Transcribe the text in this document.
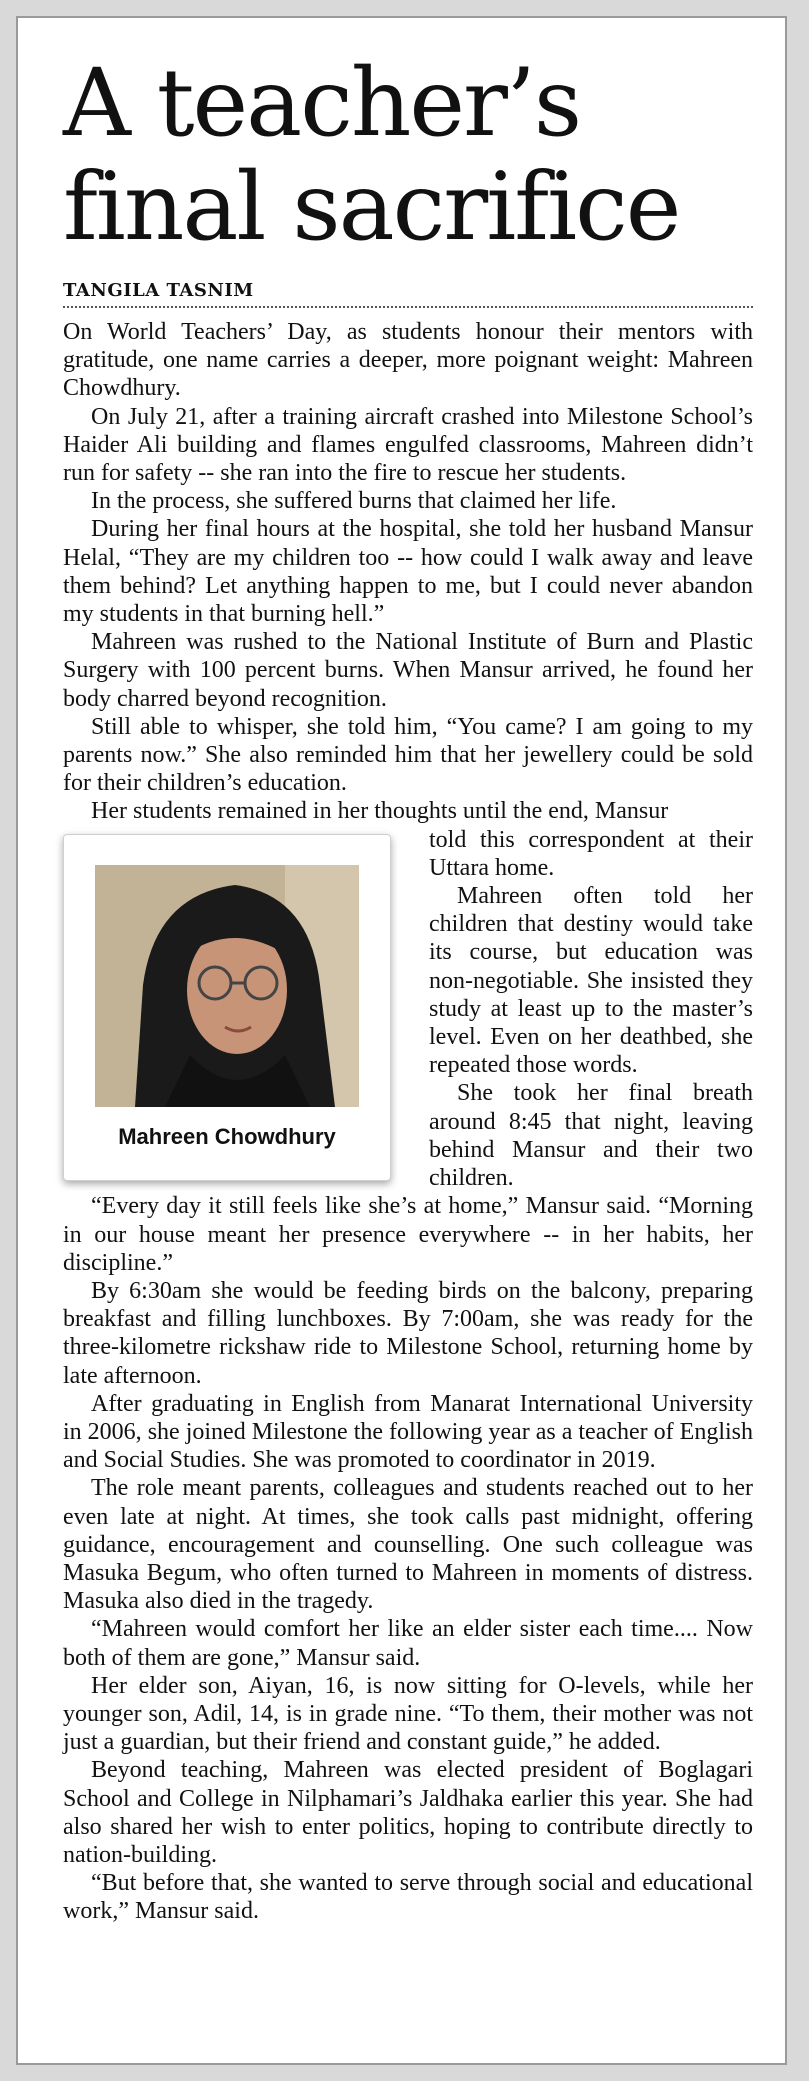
A teacher’s final sacrifice
TANGILA TASNIM

On World Teachers’ Day, as students honour their mentors with gratitude, one name carries a deeper, more poignant weight: Mahreen Chowdhury.

On July 21, after a training aircraft crashed into Milestone School’s Haider Ali building and flames engulfed classrooms, Mahreen didn’t run for safety -- she ran into the fire to rescue her students.

In the process, she suffered burns that claimed her life.

During her final hours at the hospital, she told her husband Mansur Helal, “They are my children too -- how could I walk away and leave them behind? Let anything happen to me, but I could never abandon my students in that burning hell.”

Mahreen was rushed to the National Institute of Burn and Plastic Surgery with 100 percent burns. When Mansur arrived, he found her body charred beyond recognition.

Still able to whisper, she told him, “You came? I am going to my parents now.” She also reminded him that her jewellery could be sold for their children’s education.

Her students remained in her thoughts until the end, Mansur

Mahreen Chowdhury

told this correspondent at their Uttara home.

Mahreen often told her children that destiny would take its course, but education was non-negotiable. She insisted they study at least up to the master’s level. Even on her deathbed, she repeated those words.

She took her final breath around 8:45 that night, leaving behind Mansur and their two children.

“Every day it still feels like she’s at home,” Mansur said. “Morning in our house meant her presence everywhere -- in her habits, her discipline.”

By 6:30am she would be feeding birds on the balcony, preparing breakfast and filling lunchboxes. By 7:00am, she was ready for the three-kilometre rickshaw ride to Milestone School, returning home by late afternoon.

After graduating in English from Manarat International University in 2006, she joined Milestone the following year as a teacher of English and Social Studies. She was promoted to coordinator in 2019.

The role meant parents, colleagues and students reached out to her even late at night. At times, she took calls past midnight, offering guidance, encouragement and counselling. One such colleague was Masuka Begum, who often turned to Mahreen in moments of distress. Masuka also died in the tragedy.

“Mahreen would comfort her like an elder sister each time.... Now both of them are gone,” Mansur said.

Her elder son, Aiyan, 16, is now sitting for O-levels, while her younger son, Adil, 14, is in grade nine. “To them, their mother was not just a guardian, but their friend and constant guide,” he added.

Beyond teaching, Mahreen was elected president of Boglagari School and College in Nilphamari’s Jaldhaka earlier this year. She had also shared her wish to enter politics, hoping to contribute directly to nation-building.

“But before that, she wanted to serve through social and educational work,” Mansur said.
